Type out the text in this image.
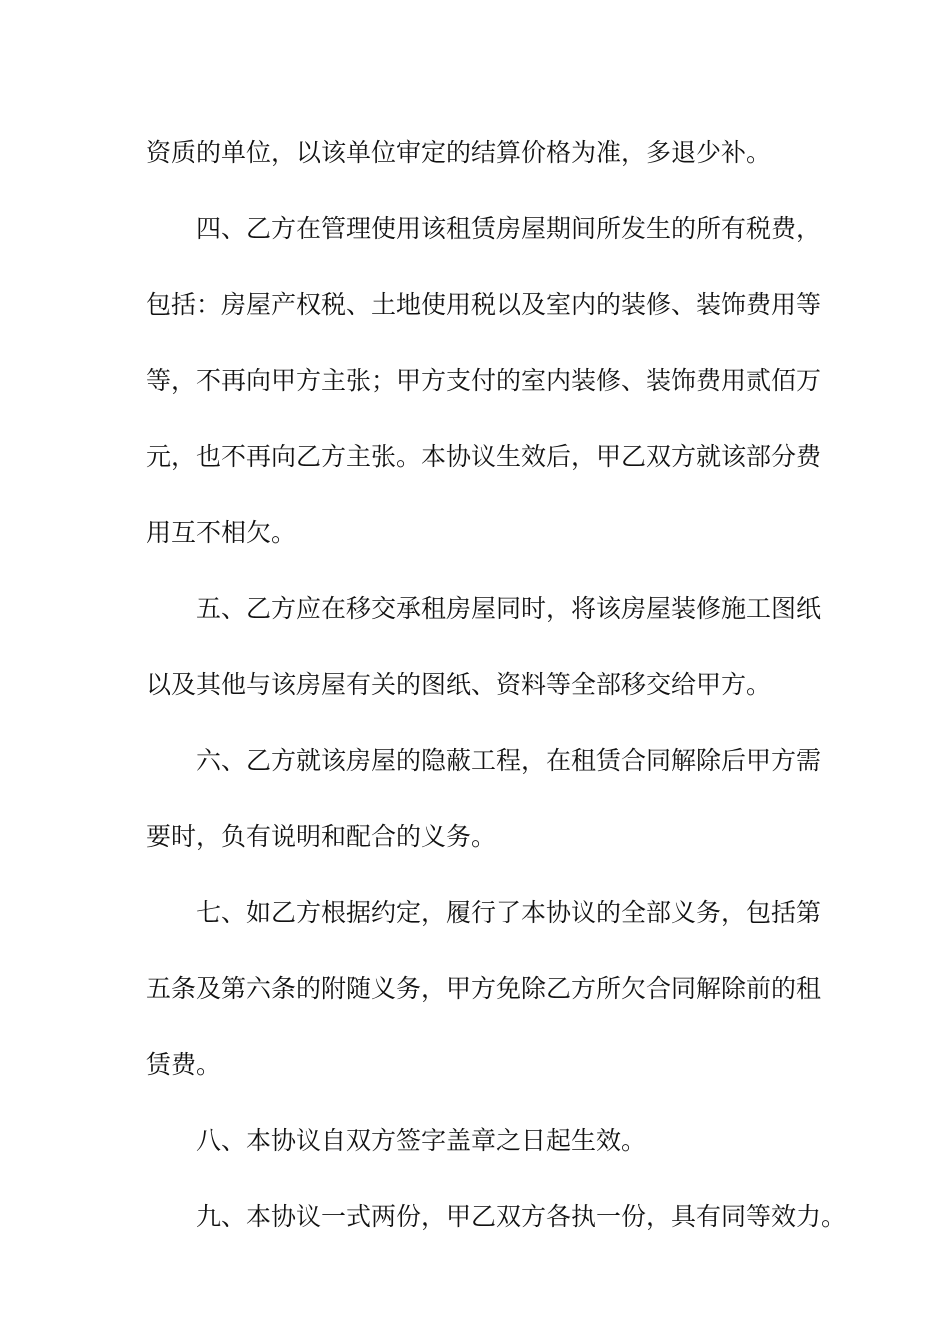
资质的单位，以该单位审定的结算价格为准，多退少补。
四、乙方在管理使用该租赁房屋期间所发生的所有税费，
包括：房屋产权税、土地使用税以及室内的装修、装饰费用等
等，不再向甲方主张；甲方支付的室内装修、装饰费用贰佰万
元，也不再向乙方主张。本协议生效后，甲乙双方就该部分费
用互不相欠。
五、乙方应在移交承租房屋同时，将该房屋装修施工图纸
以及其他与该房屋有关的图纸、资料等全部移交给甲方。
六、乙方就该房屋的隐蔽工程，在租赁合同解除后甲方需
要时，负有说明和配合的义务。
七、如乙方根据约定，履行了本协议的全部义务，包括第
五条及第六条的附随义务，甲方免除乙方所欠合同解除前的租
赁费。
八、本协议自双方签字盖章之日起生效。
九、本协议一式两份，甲乙双方各执一份，具有同等效力。
